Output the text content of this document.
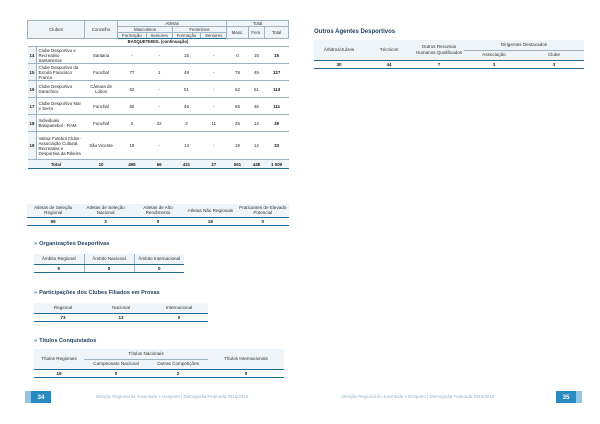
Clubes		Concelho	Atletas				Total		
			Masculinos		Femininos		Masc.	Fem.	Total
			Formação	Seniores	Formação	Seniores			
BASQUETEBOL (continuação)									
14	Clube Desportivo e Recreativo Santanense	Santana	-	-	15	-	0	15	15
15	Clube Desportivo da Escola Francisco Franco	Funchal	77	1	49	-	78	49	127
16	Clube Desportivo Garachico	Câmara de Lobos	62	-	51	-	62	51	113
17	Clube Desportivo Mar e Serra	Funchal	65	-	46	-	65	46	111
18	Individuais Basquetebol - RAM	Funchal	3	22	3	11	25	14	39
19	Valour Futebol Clube - Associação Cultural, Recreativa e Desportiva da Ribeira	São Vicente	19	-	14	-	19	14	33
Total		10	495	66	421	27	561	448	1 009
Atletas de Seleção Regional	Atletas de Seleção Nacional	Atletas de Alto Rendimento	Atletas Não Regionais	Praticantes de Elevado Potencial
65	3	0	18	0
» Organizações Desportivas
Âmbito Regional	Âmbito Nacional	Âmbito Internacional
9	0	0
» Participações dos Clubes Filiados em Provas
Regional	Nacional	Internacional
73	13	0
» Títulos Conquistados
Títulos Regionais	Títulos Nacionais		Títulos Internacionais
	Campeonato Nacional	Outras Competições	
19	0	2	0
34	Direção Regional de Juventude e Desporto | Demografia Federada 2015/2016
Outros Agentes Desportivos
Árbitros/Juízes	Técnicos	Outros Recursos Humanos Qualificados	Dirigentes Destacados	
			Associação	Clube
30	44	7	3	3
Direção Regional de Juventude e Desporto | Demografia Federada 2015/2016	35
